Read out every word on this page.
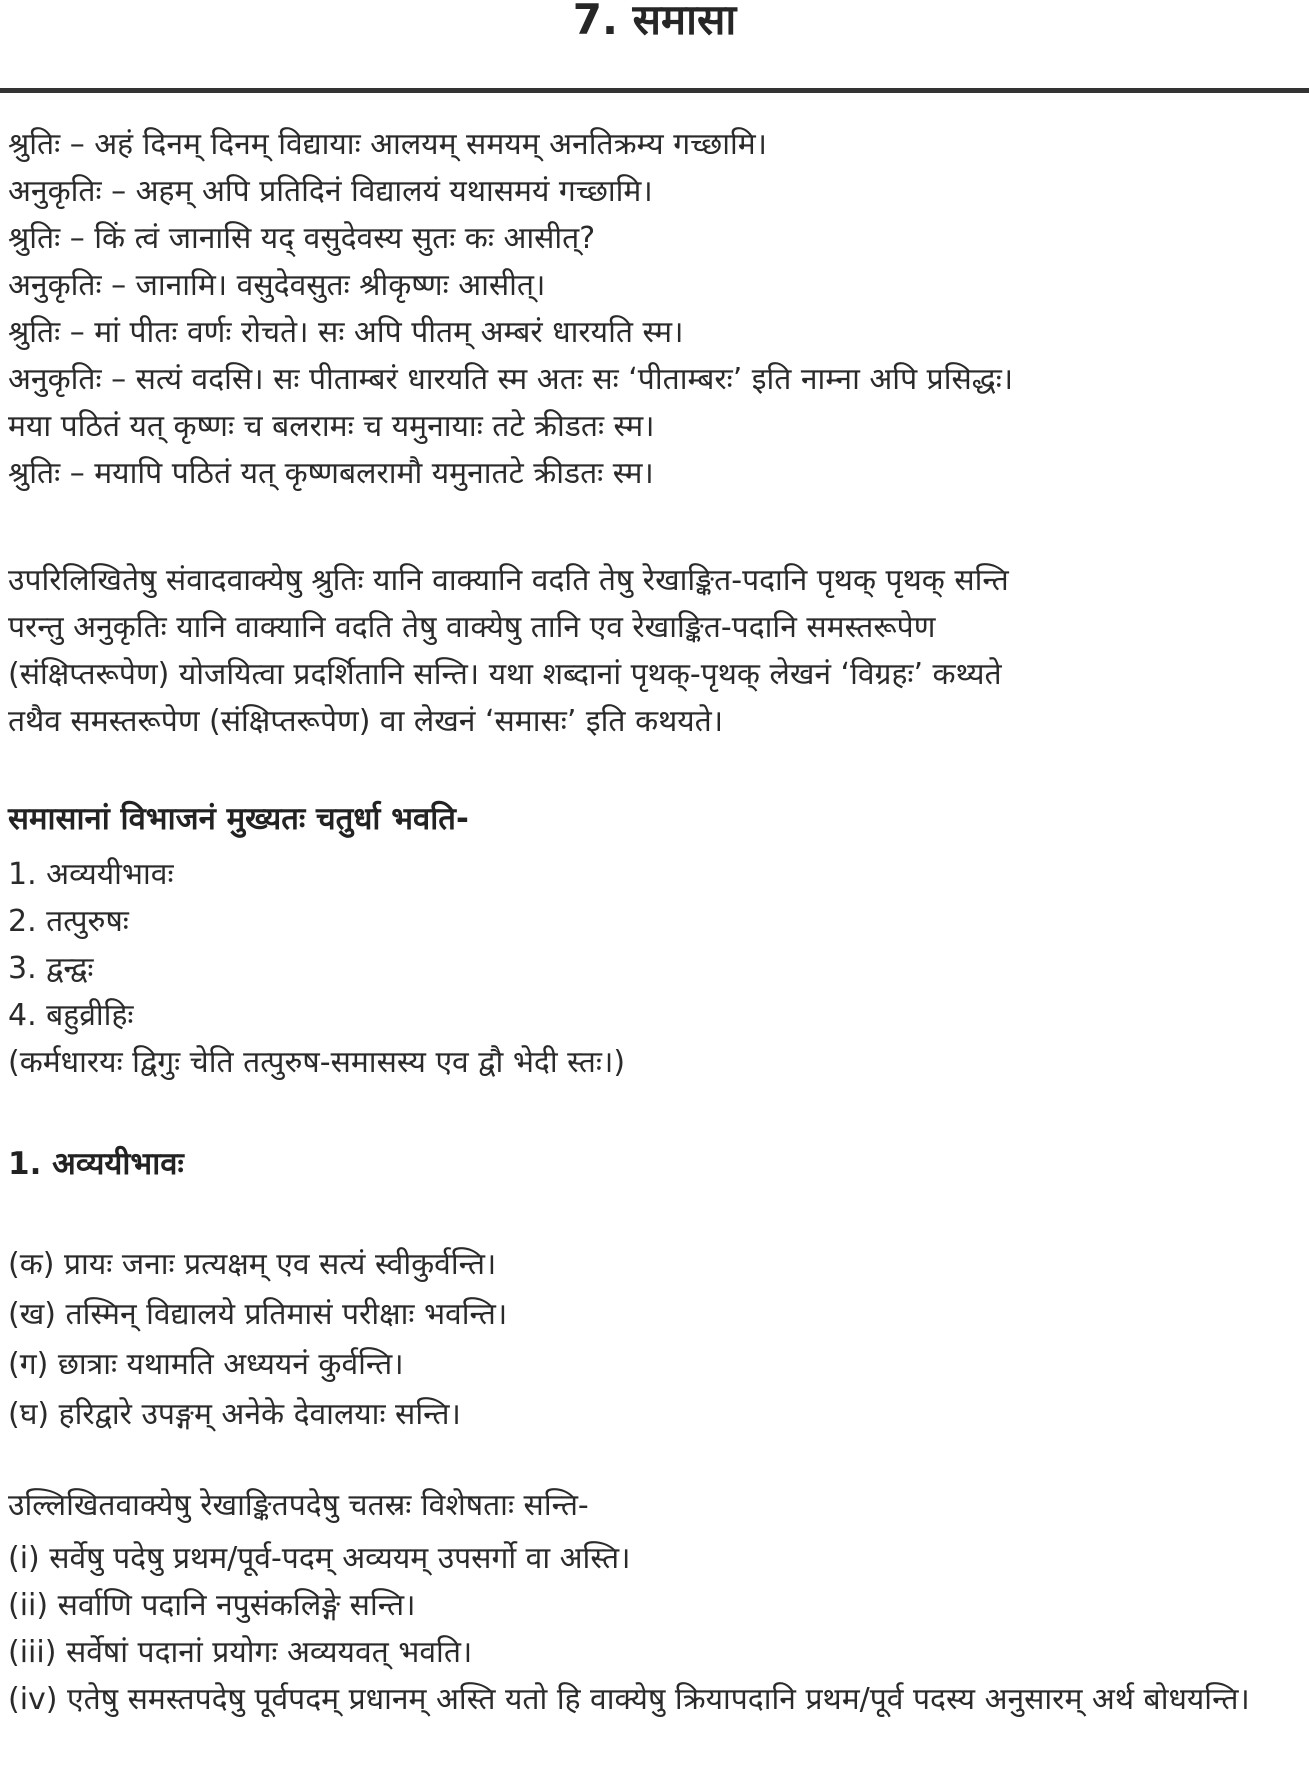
7. समासा

श्रुतिः – अहं दिनम् दिनम् विद्यायाः आलयम् समयम् अनतिक्रम्य गच्छामि।

अनुकृतिः – अहम् अपि प्रतिदिनं विद्यालयं यथासमयं गच्छामि।

श्रुतिः – किं त्वं जानासि यद् वसुदेवस्य सुतः कः आसीत्?

अनुकृतिः – जानामि। वसुदेवसुतः श्रीकृष्णः आसीत्।

श्रुतिः – मां पीतः वर्णः रोचते। सः अपि पीतम् अम्बरं धारयति स्म।

अनुकृतिः – सत्यं वदसि। सः पीताम्बरं धारयति स्म अतः सः ‘पीताम्बरः’ इति नाम्ना अपि प्रसिद्धः।

मया पठितं यत् कृष्णः च बलरामः च यमुनायाः तटे क्रीडतः स्म।

श्रुतिः – मयापि पठितं यत् कृष्णबलरामौ यमुनातटे क्रीडतः स्म।

उपरिलिखितेषु संवादवाक्येषु श्रुतिः यानि वाक्यानि वदति तेषु रेखाङ्कित-पदानि पृथक् पृथक् सन्ति

परन्तु अनुकृतिः यानि वाक्यानि वदति तेषु वाक्येषु तानि एव रेखाङ्कित-पदानि समस्तरूपेण

(संक्षिप्तरूपेण) योजयित्वा प्रदर्शितानि सन्ति। यथा शब्दानां पृथक्-पृथक् लेखनं ‘विग्रहः’ कथ्यते

तथैव समस्तरूपेण (संक्षिप्तरूपेण) वा लेखनं ‘समासः’ इति कथयते।

समासानां विभाजनं मुख्यतः चतुर्धा भवति-

1. अव्ययीभावः

2. तत्पुरुषः

3. द्वन्द्वः

4. बहुव्रीहिः

(कर्मधारयः द्विगुः चेति तत्पुरुष-समासस्य एव द्वौ भेदी स्तः।)

1. अव्ययीभावः

(क) प्रायः जनाः प्रत्यक्षम् एव सत्यं स्वीकुर्वन्ति।

(ख) तस्मिन् विद्यालये प्रतिमासं परीक्षाः भवन्ति।

(ग) छात्राः यथामति अध्ययनं कुर्वन्ति।

(घ) हरिद्वारे उपङ्गम् अनेके देवालयाः सन्ति।

उल्लिखितवाक्येषु रेखाङ्कितपदेषु चतस्रः विशेषताः सन्ति-

(i) सर्वेषु पदेषु प्रथम/पूर्व-पदम् अव्ययम् उपसर्गो वा अस्ति।

(ii) सर्वाणि पदानि नपुसंकलिङ्गे सन्ति।

(iii) सर्वेषां पदानां प्रयोगः अव्ययवत् भवति।

(iv) एतेषु समस्तपदेषु पूर्वपदम् प्रधानम् अस्ति यतो हि वाक्येषु क्रियापदानि प्रथम/पूर्व पदस्य अनुसारम् अर्थ बोधयन्ति।
